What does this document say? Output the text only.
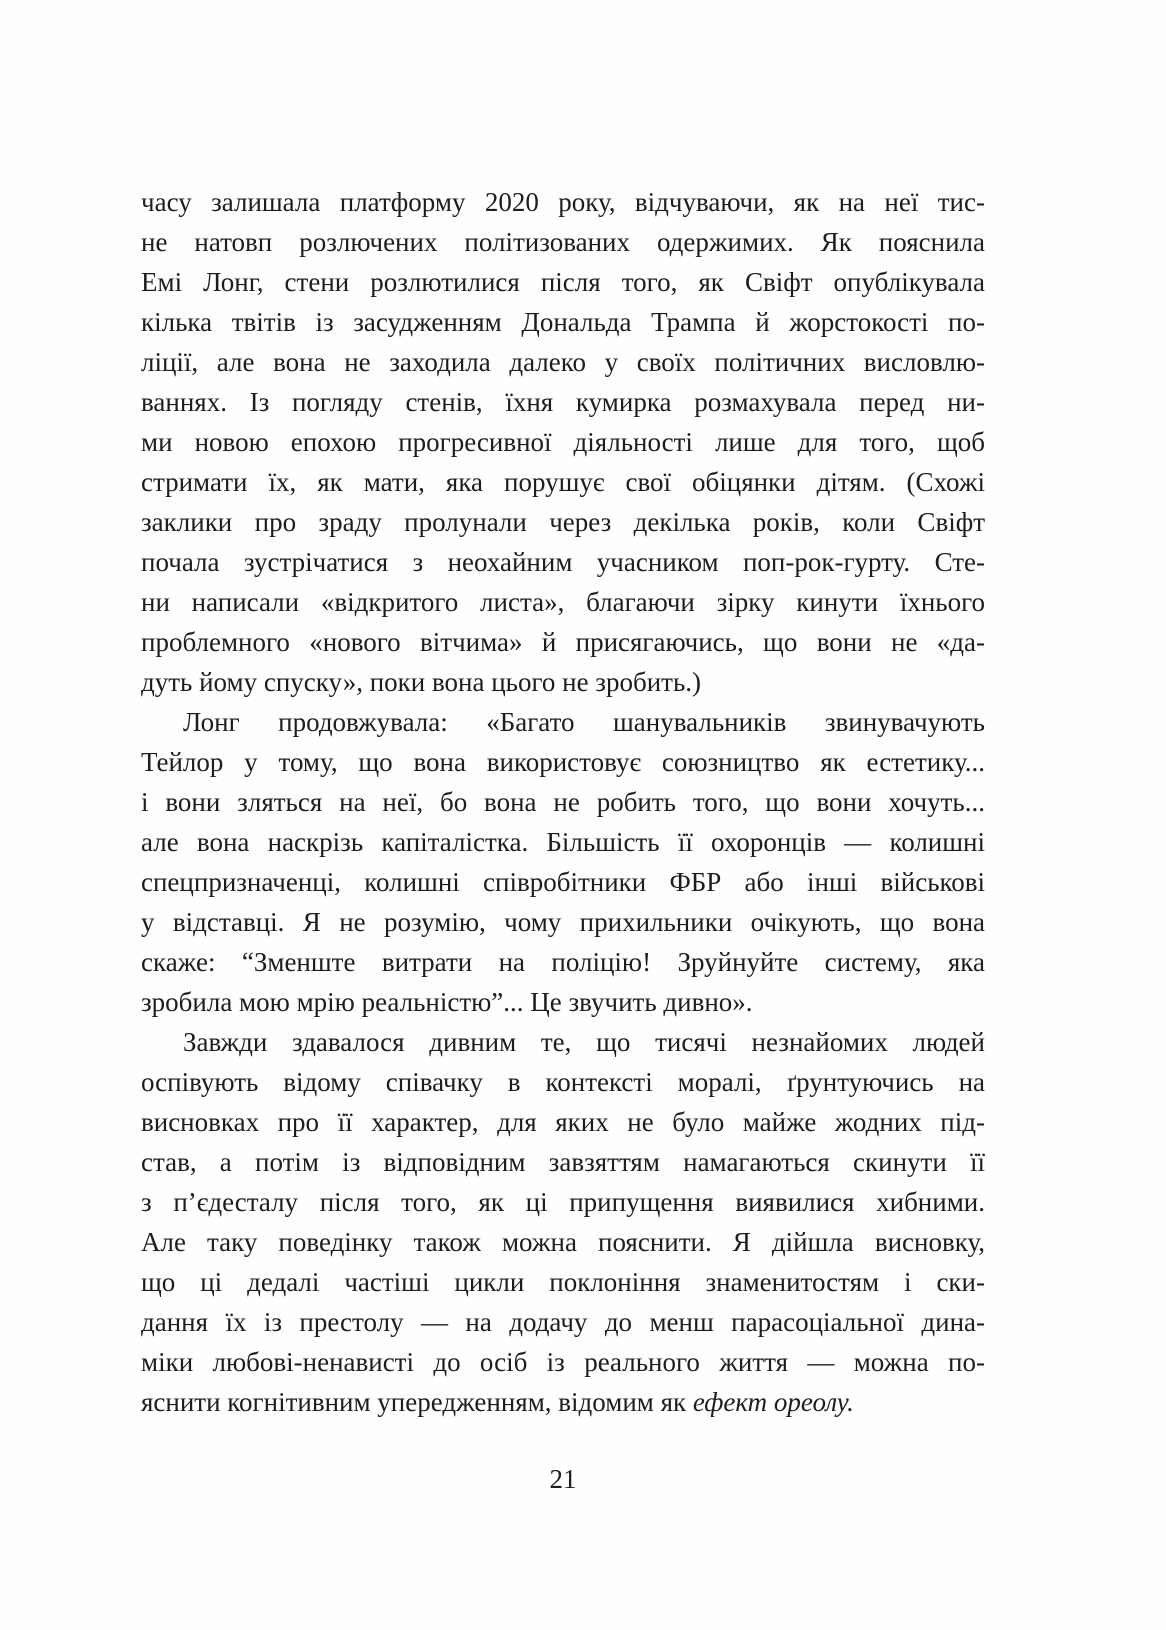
часу залишала платформу 2020 року, відчуваючи, як на неї тис-
не натовп розлючених політизованих одержимих. Як пояснила
Емі Лонг, стени розлютилися після того, як Свіфт опублікувала
кілька твітів із засудженням Дональда Трампа й жорстокості по-
ліції, але вона не заходила далеко у своїх політичних висловлю-
ваннях. Із погляду стенів, їхня кумирка розмахувала перед ни-
ми новою епохою прогресивної діяльності лише для того, щоб
стримати їх, як мати, яка порушує свої обіцянки дітям. (Схожі
заклики про зраду пролунали через декілька років, коли Свіфт
почала зустрічатися з неохайним учасником поп-рок-гурту. Сте-
ни написали «відкритого листа», благаючи зірку кинути їхнього
проблемного «нового вітчима» й присягаючись, що вони не «да-
дуть йому спуску», поки вона цього не зробить.)
Лонг продовжувала: «Багато шанувальників звинувачують
Тейлор у тому, що вона використовує союзництво як естетику...
і вони зляться на неї, бо вона не робить того, що вони хочуть...
але вона наскрізь капіталістка. Більшість її охоронців — колишні
спецпризначенці, колишні співробітники ФБР або інші військові
у відставці. Я не розумію, чому прихильники очікують, що вона
скаже: “Зменште витрати на поліцію! Зруйнуйте систему, яка
зробила мою мрію реальністю”... Це звучить дивно».
Завжди здавалося дивним те, що тисячі незнайомих людей
оспівують відому співачку в контексті моралі, ґрунтуючись на
висновках про її характер, для яких не було майже жодних під-
став, а потім із відповідним завзяттям намагаються скинути її
з п’єдесталу після того, як ці припущення виявилися хибними.
Але таку поведінку також можна пояснити. Я дійшла висновку,
що ці дедалі частіші цикли поклоніння знаменитостям і ски-
дання їх із престолу — на додачу до менш парасоціальної дина-
міки любові-ненависті до осіб із реального життя — можна по-
яснити когнітивним упередженням, відомим як ефект ореолу.
21
